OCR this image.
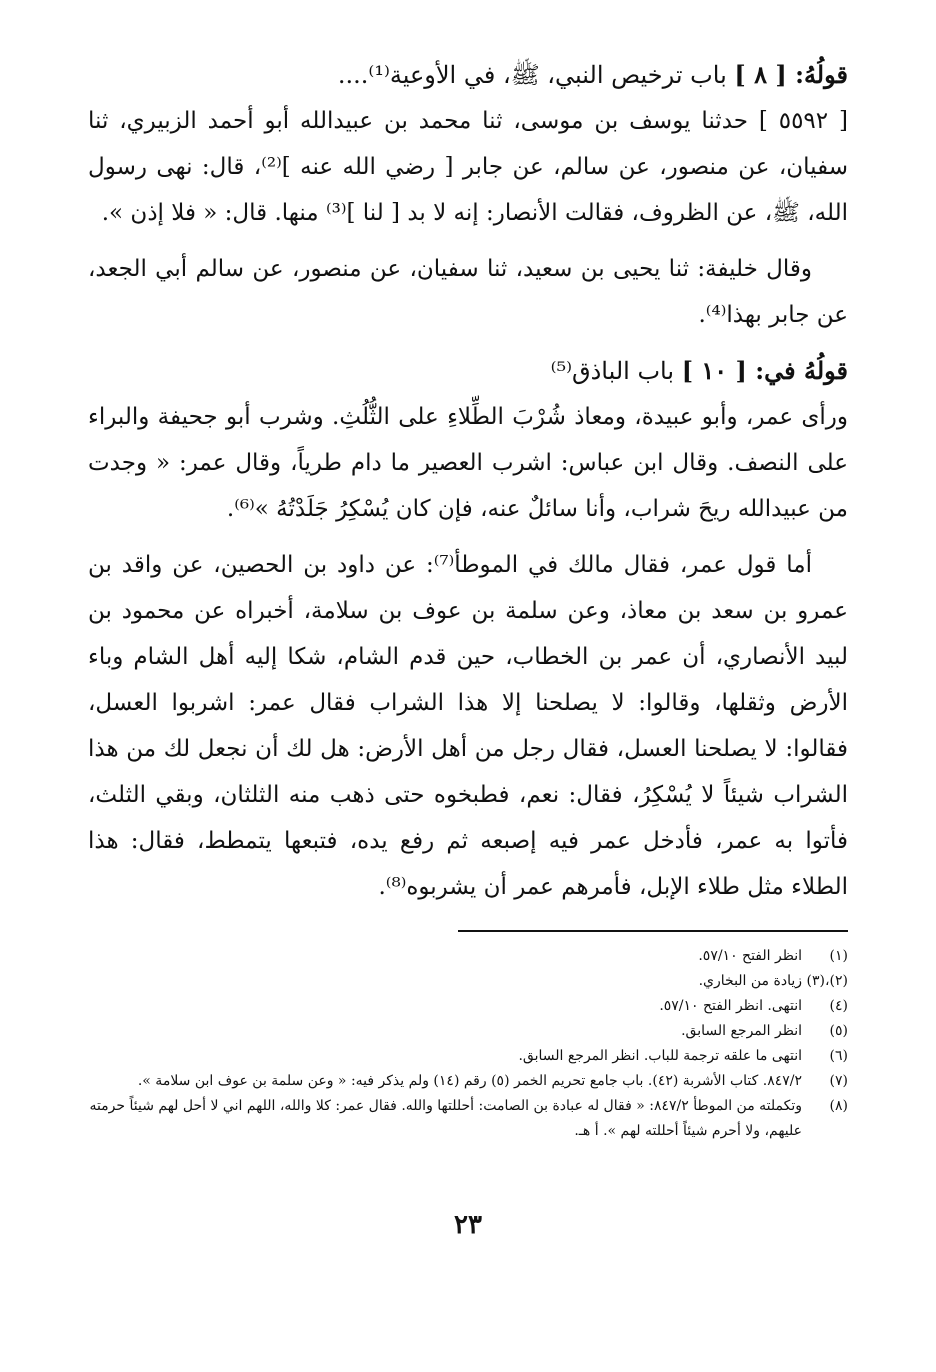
قولُهُ: [ ٨ ] باب ترخيص النبي، ﷺ، في الأوعية⁽¹⁾....

[ ٥٥٩٢ ] حدثنا يوسف بن موسى، ثنا محمد بن عبيدالله أبو أحمد الزبيري، ثنا سفيان، عن منصور، عن سالم، عن جابر [ رضي الله عنه ]⁽²⁾، قال: نهى رسول الله، ﷺ، عن الظروف، فقالت الأنصار: إنه لا بد [ لنا ]⁽³⁾ منها. قال: « فلا إذن ».

وقال خليفة: ثنا يحيى بن سعيد، ثنا سفيان، عن منصور، عن سالم أبي الجعد، عن جابر بهذا⁽⁴⁾.

قولُهُ في: [ ١٠ ] باب الباذق⁽⁵⁾

ورأى عمر، وأبو عبيدة، ومعاذ شُرْبَ الطِّلاءِ على الثُّلُثِ. وشرب أبو جحيفة والبراء على النصف. وقال ابن عباس: اشرب العصير ما دام طرياً، وقال عمر: « وجدت من عبيدالله ريحَ شراب، وأنا سائلٌ عنه، فإن كان يُسْكِرُ جَلَدْتُهُ »⁽⁶⁾.

أما قول عمر، فقال مالك في الموطأ⁽⁷⁾: عن داود بن الحصين، عن واقد بن عمرو بن سعد بن معاذ، وعن سلمة بن عوف بن سلامة، أخبراه عن محمود بن لبيد الأنصاري، أن عمر بن الخطاب، حين قدم الشام، شكا إليه أهل الشام وباء الأرض وثقلها، وقالوا: لا يصلحنا إلا هذا الشراب فقال عمر: اشربوا العسل، فقالوا: لا يصلحنا العسل، فقال رجل من أهل الأرض: هل لك أن نجعل لك من هذا الشراب شيئاً لا يُسْكِرُ، فقال: نعم، فطبخوه حتى ذهب منه الثلثان، وبقي الثلث، فأتوا به عمر، فأدخل عمر فيه إصبعه ثم رفع يده، فتبعها يتمطط، فقال: هذا الطلاء مثل طلاء الإبل، فأمرهم عمر أن يشربوه⁽⁸⁾.

(١)
انظر الفتح ٥٧/١٠.
(٢)،(٣)
زيادة من البخاري.
(٤)
انتهى. انظر الفتح ٥٧/١٠.
(٥)
انظر المرجع السابق.
(٦)
انتهى ما علقه ترجمة للباب. انظر المرجع السابق.
(٧)
٨٤٧/٢. كتاب الأشربة (٤٢). باب جامع تحريم الخمر (٥) رقم (١٤) ولم يذكر فيه: « وعن سلمة بن عوف ابن سلامة ».
(٨)
وتكملته من الموطأ ٨٤٧/٢: « فقال له عبادة بن الصامت: أحللتها والله. فقال عمر: كلا والله، اللهم اني لا أحل لهم شيئاً حرمته عليهم، ولا أحرم شيئاً أحللته لهم ». أ هـ.
٢٣
